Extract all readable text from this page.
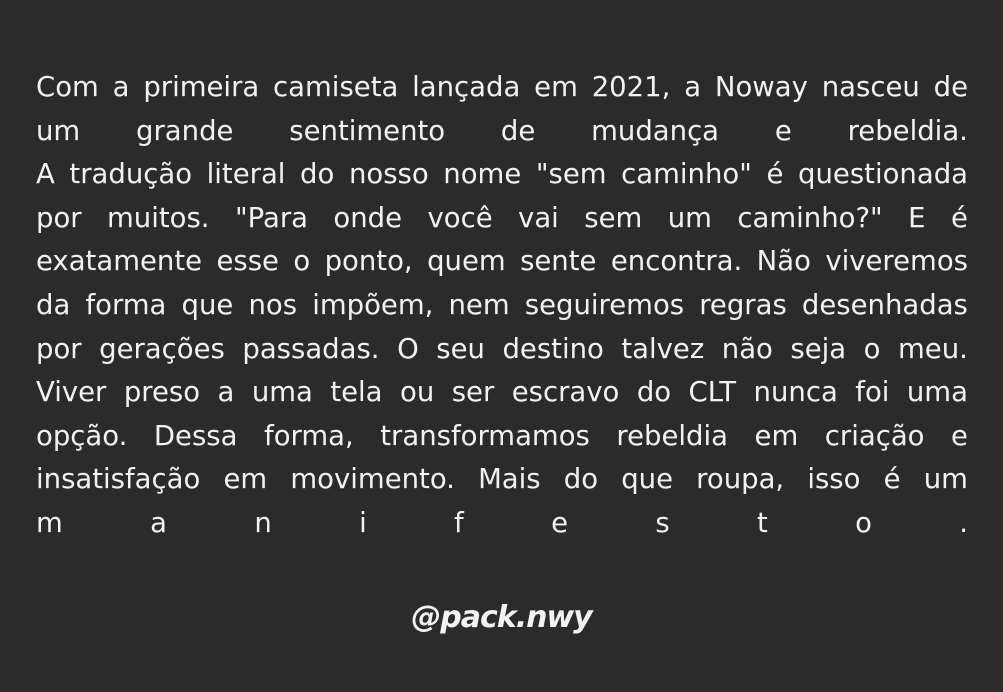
Com a primeira camiseta lançada em 2021, a Noway nasceu de
um grande sentimento de mudança e rebeldia.
A tradução literal do nosso nome "sem caminho" é questionada
por muitos. "Para onde você vai sem um caminho?" E é
exatamente esse o ponto, quem sente encontra. Não viveremos
da forma que nos impõem, nem seguiremos regras desenhadas
por gerações passadas. O seu destino talvez não seja o meu.
Viver preso a uma tela ou ser escravo do CLT nunca foi uma
opção. Dessa forma, transformamos rebeldia em criação e
insatisfação em movimento. Mais do que roupa, isso é um
m	a	n	i	f	e	s	t	o	.
@pack.nwy
